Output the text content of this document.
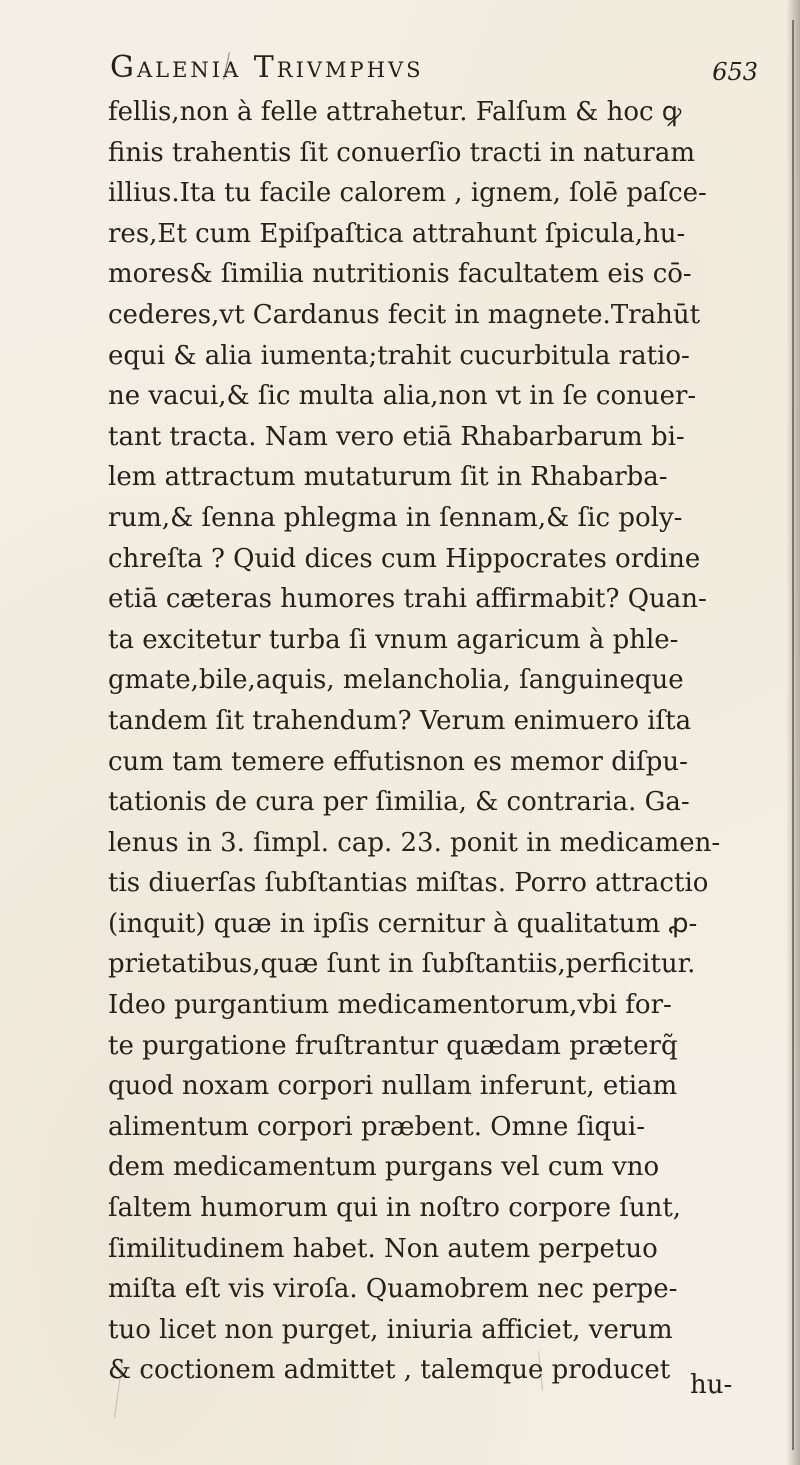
Galenia Trivmphvs	653
fellis,non à felle attrahetur. Falſum & hoc ꝙ
finis trahentis ſit conuerſio tracti in naturam
illius.Ita tu facile calorem , ignem, ſolē paſce-
res,Et cum Epiſpaſtica attrahunt ſpicula,hu-
mores& ſimilia nutritionis facultatem eis cō-
cederes,vt Cardanus fecit in magnete.Trahūt
equi & alia iumenta;trahit cucurbitula ratio-
ne vacui,& ſic multa alia,non vt in ſe conuer-
tant tracta. Nam vero etiā Rhabarbarum bi-
lem attractum mutaturum ſit in Rhabarba-
rum,& ſenna phlegma in ſennam,& ſic poly-
chreſta ? Quid dices cum Hippocrates ordine
etiā cæteras humores trahi affirmabit? Quan-
ta excitetur turba ſi vnum agaricum à phle-
gmate,bile,aquis, melancholia, ſanguineque
tandem ſit trahendum? Verum enimuero iſta
cum tam temere effutisnon es memor diſpu-
tationis de cura per ſimilia, & contraria. Ga-
lenus in 3. ſimpl. cap. 23. ponit in medicamen-
tis diuerſas ſubſtantias miſtas. Porro attractio
(inquit) quæ in ipſis cernitur à qualitatum ꝓ-
prietatibus,quæ ſunt in ſubſtantiis,perficitur.
Ideo purgantium medicamentorum,vbi for-
te purgatione fruſtrantur quædam præterq̃
quod noxam corpori nullam inferunt, etiam
alimentum corpori præbent. Omne ſiqui-
dem medicamentum purgans vel cum vno
ſaltem humorum qui in noſtro corpore ſunt,
ſimilitudinem habet. Non autem perpetuo
miſta eſt vis viroſa. Quamobrem nec perpe-
tuo licet non purget, iniuria afficiet, verum
& coctionem admittet , talemque producet hu-
